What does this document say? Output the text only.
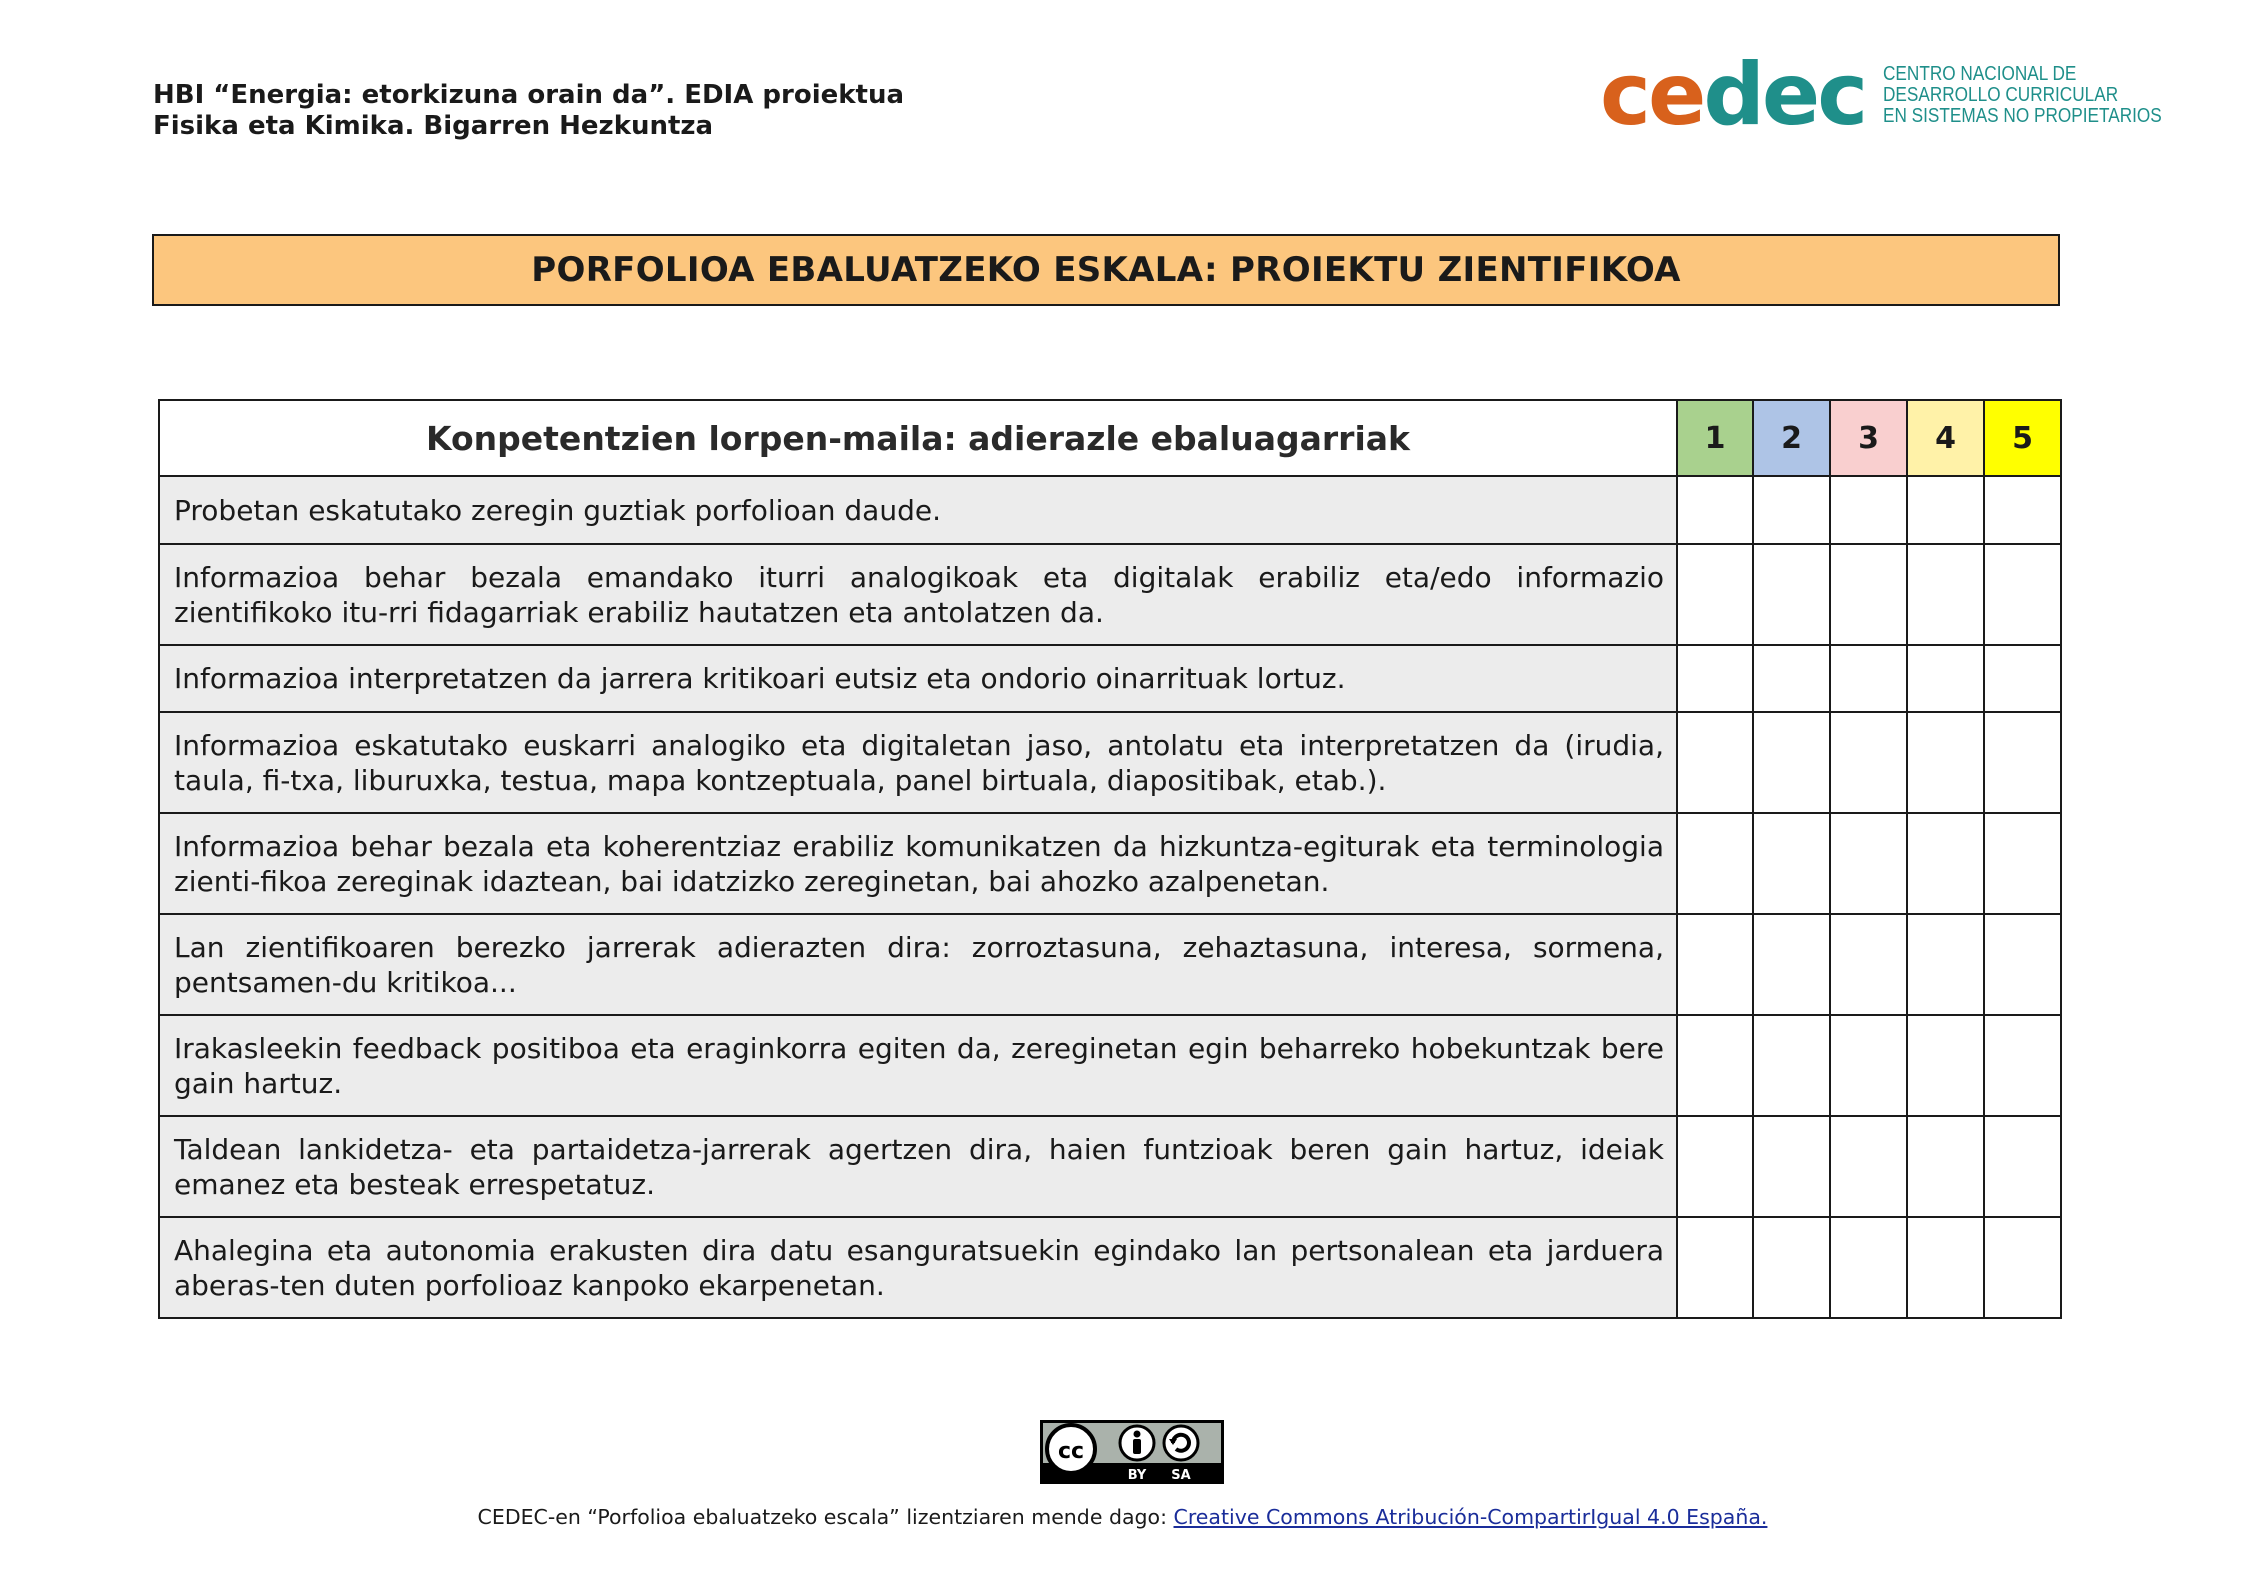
HBI “Energia: etorkizuna orain da”. EDIA proiektua
Fisika eta Kimika. Bigarren Hezkuntza	cedec CENTRO NACIONAL DE
DESARROLLO CURRICULAR
EN SISTEMAS NO PROPIETARIOS
PORFOLIOA EBALUATZEKO ESKALA: PROIEKTU ZIENTIFIKOA
Konpetentzien lorpen-maila: adierazle ebaluagarriak	1	2	3	4	5
Probetan eskatutako zeregin guztiak porfolioan daude.					
Informazioa behar bezala emandako iturri analogikoak eta digitalak erabiliz eta/edo informazio zientifikoko itu-rri fidagarriak erabiliz hautatzen eta antolatzen da.					
Informazioa interpretatzen da jarrera kritikoari eutsiz eta ondorio oinarrituak lortuz.					
Informazioa eskatutako euskarri analogiko eta digitaletan jaso, antolatu eta interpretatzen da (irudia, taula, fi-txa, liburuxka, testua, mapa kontzeptuala, panel birtuala, diapositibak, etab.).					
Informazioa behar bezala eta koherentziaz erabiliz komunikatzen da hizkuntza-egiturak eta terminologia zienti-fikoa zereginak idaztean, bai idatzizko zereginetan, bai ahozko azalpenetan.					
Lan zientifikoaren berezko jarrerak adierazten dira: zorroztasuna, zehaztasuna, interesa, sormena, pentsamen-du kritikoa...					
Irakasleekin feedback positiboa eta eraginkorra egiten da, zereginetan egin beharreko hobekuntzak bere gain hartuz.					
Taldean lankidetza- eta partaidetza-jarrerak agertzen dira, haien funtzioak beren gain hartuz, ideiak emanez eta besteak errespetatuz.					
Ahalegina eta autonomia erakusten dira datu esanguratsuekin egindako lan pertsonalean eta jarduera aberas-ten duten porfolioaz kanpoko ekarpenetan.					
cc
BY SA
CEDEC-en “Porfolioa ebaluatzeko escala” lizentziaren mende dago: Creative Commons Atribución-CompartirIgual 4.0 España.
